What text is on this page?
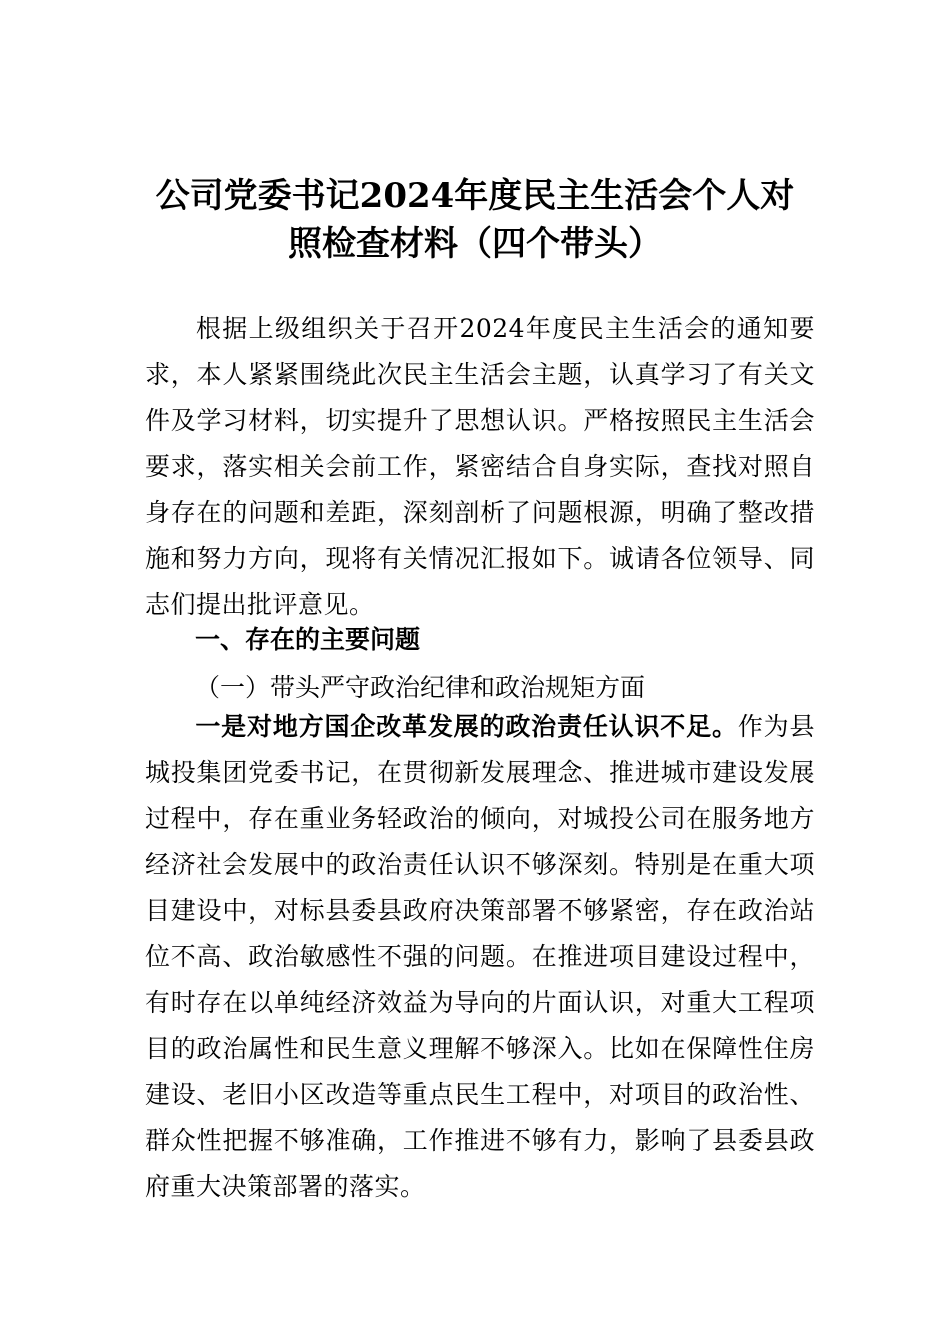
公司党委书记2024年度民主生活会个人对
照检查材料（四个带头）
根据上级组织关于召开2024年度民主生活会的通知要求，本人紧紧围绕此次民主生活会主题，认真学习了有关文件及学习材料，切实提升了思想认识。严格按照民主生活会要求，落实相关会前工作，紧密结合自身实际，查找对照自身存在的问题和差距，深刻剖析了问题根源，明确了整改措施和努力方向，现将有关情况汇报如下。诚请各位领导、同志们提出批评意见。
一、存在的主要问题
（一）带头严守政治纪律和政治规矩方面
一是对地方国企改革发展的政治责任认识不足。作为县城投集团党委书记，在贯彻新发展理念、推进城市建设发展过程中，存在重业务轻政治的倾向，对城投公司在服务地方经济社会发展中的政治责任认识不够深刻。特别是在重大项目建设中，对标县委县政府决策部署不够紧密，存在政治站位不高、政治敏感性不强的问题。在推进项目建设过程中，有时存在以单纯经济效益为导向的片面认识，对重大工程项目的政治属性和民生意义理解不够深入。比如在保障性住房建设、老旧小区改造等重点民生工程中，对项目的政治性、群众性把握不够准确，工作推进不够有力，影响了县委县政府重大决策部署的落实。
